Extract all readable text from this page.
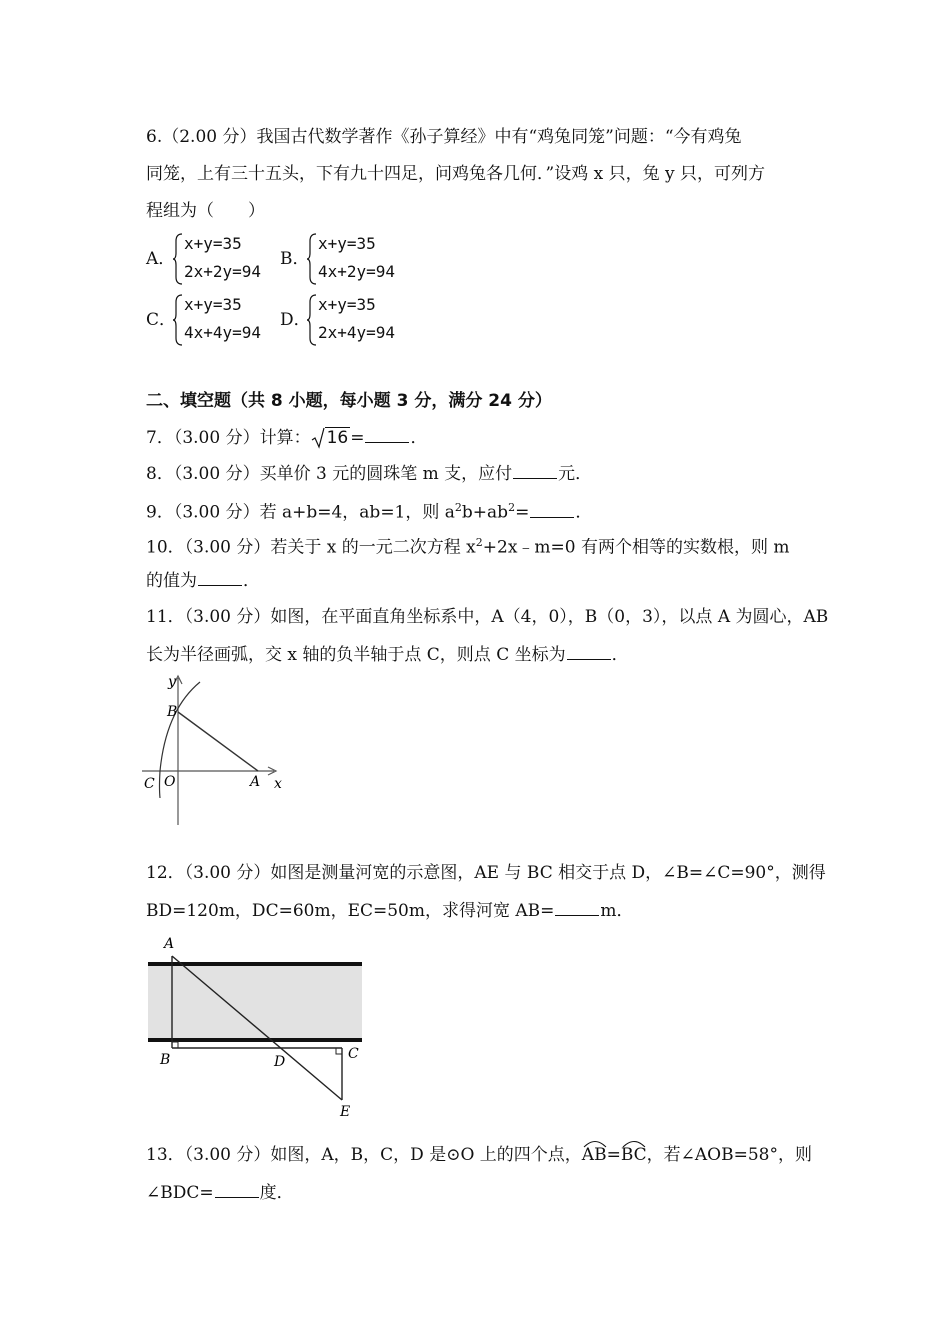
6.（2.00 分）我国古代数学著作《孙子算经》中有“鸡兔同笼”问题：“今有鸡兔
同笼，上有三十五头，下有九十四足，问鸡兔各几何．”设鸡 x 只，兔 y 只，可列方
程组为（　　）
A．
x+y=35
2x+2y=94
B．
x+y=35
4x+2y=94
C．
x+y=35
4x+4y=94
D．
x+y=35
2x+4y=94
二、填空题（共 8 小题，每小题 3 分，满分 24 分）
7．（3.00 分）计算： 16 =	．
8．（3.00 分）买单价 3 元的圆珠笔 m 支，应付	元．
9．（3.00 分）若 a+b=4，ab=1，则 $a^2b+ab^2=$	．
10．（3.00 分）若关于 x 的一元二次方程 $x^2+2x﹣m=0$ 有两个相等的实数根，则 m
的值为	．
11．（3.00 分）如图，在平面直角坐标系中，A（4，0），B（0，3），以点 A 为圆心，AB
长为半径画弧，交 x 轴的负半轴于点 C，则点 C 坐标为	．
y
B
C O	A x
12．（3.00 分）如图是测量河宽的示意图，AE 与 BC 相交于点 D，∠B=∠C=90°，测得
BD=120m，DC=60m，EC=50m，求得河宽 AB=	m．
A
B	D	C
E
13．（3.00 分）如图，A，B，C，D 是⊙O 上的四个点，
AB=
BC，若∠AOB=58°，则
∠BDC=	度．
